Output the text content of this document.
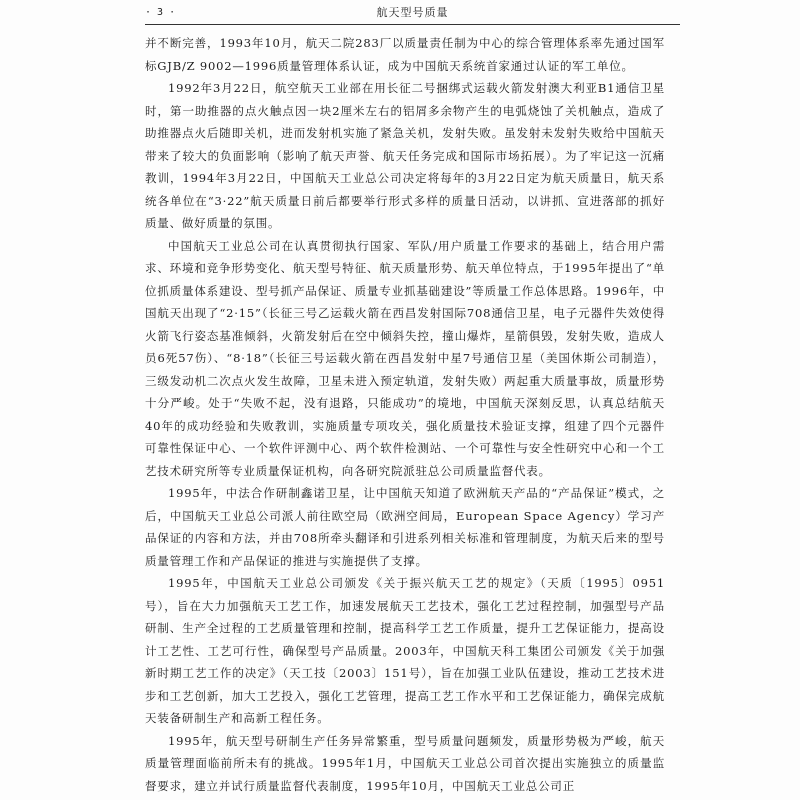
· 3 ·	航天型号质量

并不断完善，1993年10月，航天二院283厂以质量责任制为中心的综合管理体系率先通过国军标GJB/Z 9002—1996质量管理体系认证，成为中国航天系统首家通过认证的军工单位。

1992年3月22日，航空航天工业部在用长征二号捆绑式运载火箭发射澳大利亚B1通信卫星时，第一助推器的点火触点因一块2厘米左右的铝屑多余物产生的电弧烧蚀了关机触点，造成了助推器点火后随即关机，进而发射机实施了紧急关机，发射失败。虽发射未发射失败给中国航天带来了较大的负面影响（影响了航天声誉、航天任务完成和国际市场拓展）。为了牢记这一沉痛教训，1994年3月22日，中国航天工业总公司决定将每年的3月22日定为航天质量日，航天系统各单位在“3·22”航天质量日前后都要举行形式多样的质量日活动，以讲抓、宣进落部的抓好质量、做好质量的氛围。

中国航天工业总公司在认真贯彻执行国家、军队/用户质量工作要求的基础上，结合用户需求、环境和竞争形势变化、航天型号特征、航天质量形势、航天单位特点，于1995年提出了“单位抓质量体系建设、型号抓产品保证、质量专业抓基础建设”等质量工作总体思路。1996年，中国航天出现了“2·15”（长征三号乙运载火箭在西昌发射国际708通信卫星，电子元器件失效使得火箭飞行姿态基准倾斜，火箭发射后在空中倾斜失控，撞山爆炸，星箭俱毁，发射失败，造成人员6死57伤）、“8·18”（长征三号运载火箭在西昌发射中星7号通信卫星（美国休斯公司制造），三级发动机二次点火发生故障，卫星未进入预定轨道，发射失败）两起重大质量事故，质量形势十分严峻。处于“失败不起，没有退路，只能成功”的境地，中国航天深刻反思，认真总结航天40年的成功经验和失败教训，实施质量专项攻关，强化质量技术验证支撑，组建了四个元器件可靠性保证中心、一个软件评测中心、两个软件检测站、一个可靠性与安全性研究中心和一个工艺技术研究所等专业质量保证机构，向各研究院派驻总公司质量监督代表。

1995年，中法合作研制鑫诺卫星，让中国航天知道了欧洲航天产品的“产品保证”模式，之后，中国航天工业总公司派人前往欧空局（欧洲空间局，European Space Agency）学习产品保证的内容和方法，并由708所牵头翻译和引进系列相关标准和管理制度，为航天后来的型号质量管理工作和产品保证的推进与实施提供了支撑。

1995年，中国航天工业总公司颁发《关于振兴航天工艺的规定》（天质〔1995〕0951号），旨在大力加强航天工艺工作，加速发展航天工艺技术，强化工艺过程控制，加强型号产品研制、生产全过程的工艺质量管理和控制，提高科学工艺工作质量，提升工艺保证能力，提高设计工艺性、工艺可行性，确保型号产品质量。2003年，中国航天科工集团公司颁发《关于加强新时期工艺工作的决定》（天工技〔2003〕151号），旨在加强工业队伍建设，推动工艺技术进步和工艺创新，加大工艺投入，强化工艺管理，提高工艺工作水平和工艺保证能力，确保完成航天装备研制生产和高新工程任务。

1995年，航天型号研制生产任务异常繁重，型号质量问题频发，质量形势极为严峻，航天质量管理面临前所未有的挑战。1995年1月，中国航天工业总公司首次提出实施独立的质量监督要求，建立并试行质量监督代表制度，1995年10月，中国航天工业总公司正
